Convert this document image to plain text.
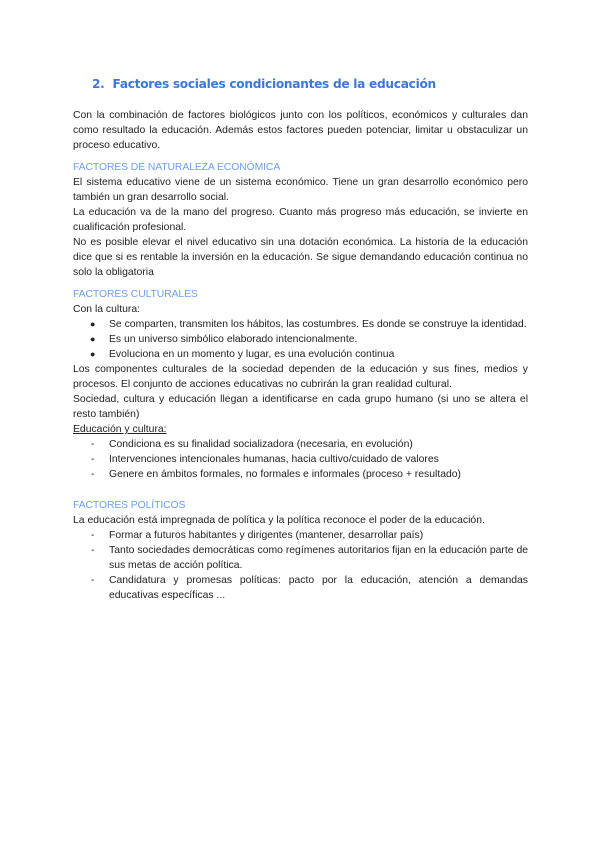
2. Factores sociales condicionantes de la educación

Con la combinación de factores biológicos junto con los políticos, económicos y culturales dan como resultado la educación. Además estos factores pueden potenciar, limitar u obstaculizar un proceso educativo.

FACTORES DE NATURALEZA ECONÓMICA

El sistema educativo viene de un sistema económico. Tiene un gran desarrollo económico pero también un gran desarrollo social.

La educación va de la mano del progreso. Cuanto más progreso más educación, se invierte en cualificación profesional.

No es posible elevar el nivel educativo sin una dotación económica. La historia de la educación dice que si es rentable la inversión en la educación. Se sigue demandando educación continua no solo la obligatoria

FACTORES CULTURALES

Con la cultura:

● Se comparten, transmiten los hábitos, las costumbres. Es donde se construye la identidad.
● Es un universo simbólico elaborado intencionalmente.
● Evoluciona en un momento y lugar, es una evolución continua

Los componentes culturales de la sociedad dependen de la educación y sus fines, medios y procesos. El conjunto de acciones educativas no cubrirán la gran realidad cultural.

Sociedad, cultura y educación llegan a identificarse en cada grupo humano (si uno se altera el resto también)

Educación y cultura:

- Condiciona es su finalidad socializadora (necesaria, en evolución)
- Intervenciones intencionales humanas, hacia cultivo/cuidado de valores
- Genere en ámbitos formales, no formales e informales (proceso + resultado)
FACTORES POLÍTICOS

La educación está impregnada de política y la política reconoce el poder de la educación.

- Formar a futuros habitantes y dirigentes (mantener, desarrollar país)
- Tanto sociedades democráticas como regímenes autoritarios fijan en la educación parte de sus metas de acción política.
- Candidatura y promesas políticas: pacto por la educación, atención a demandas educativas específicas ...
